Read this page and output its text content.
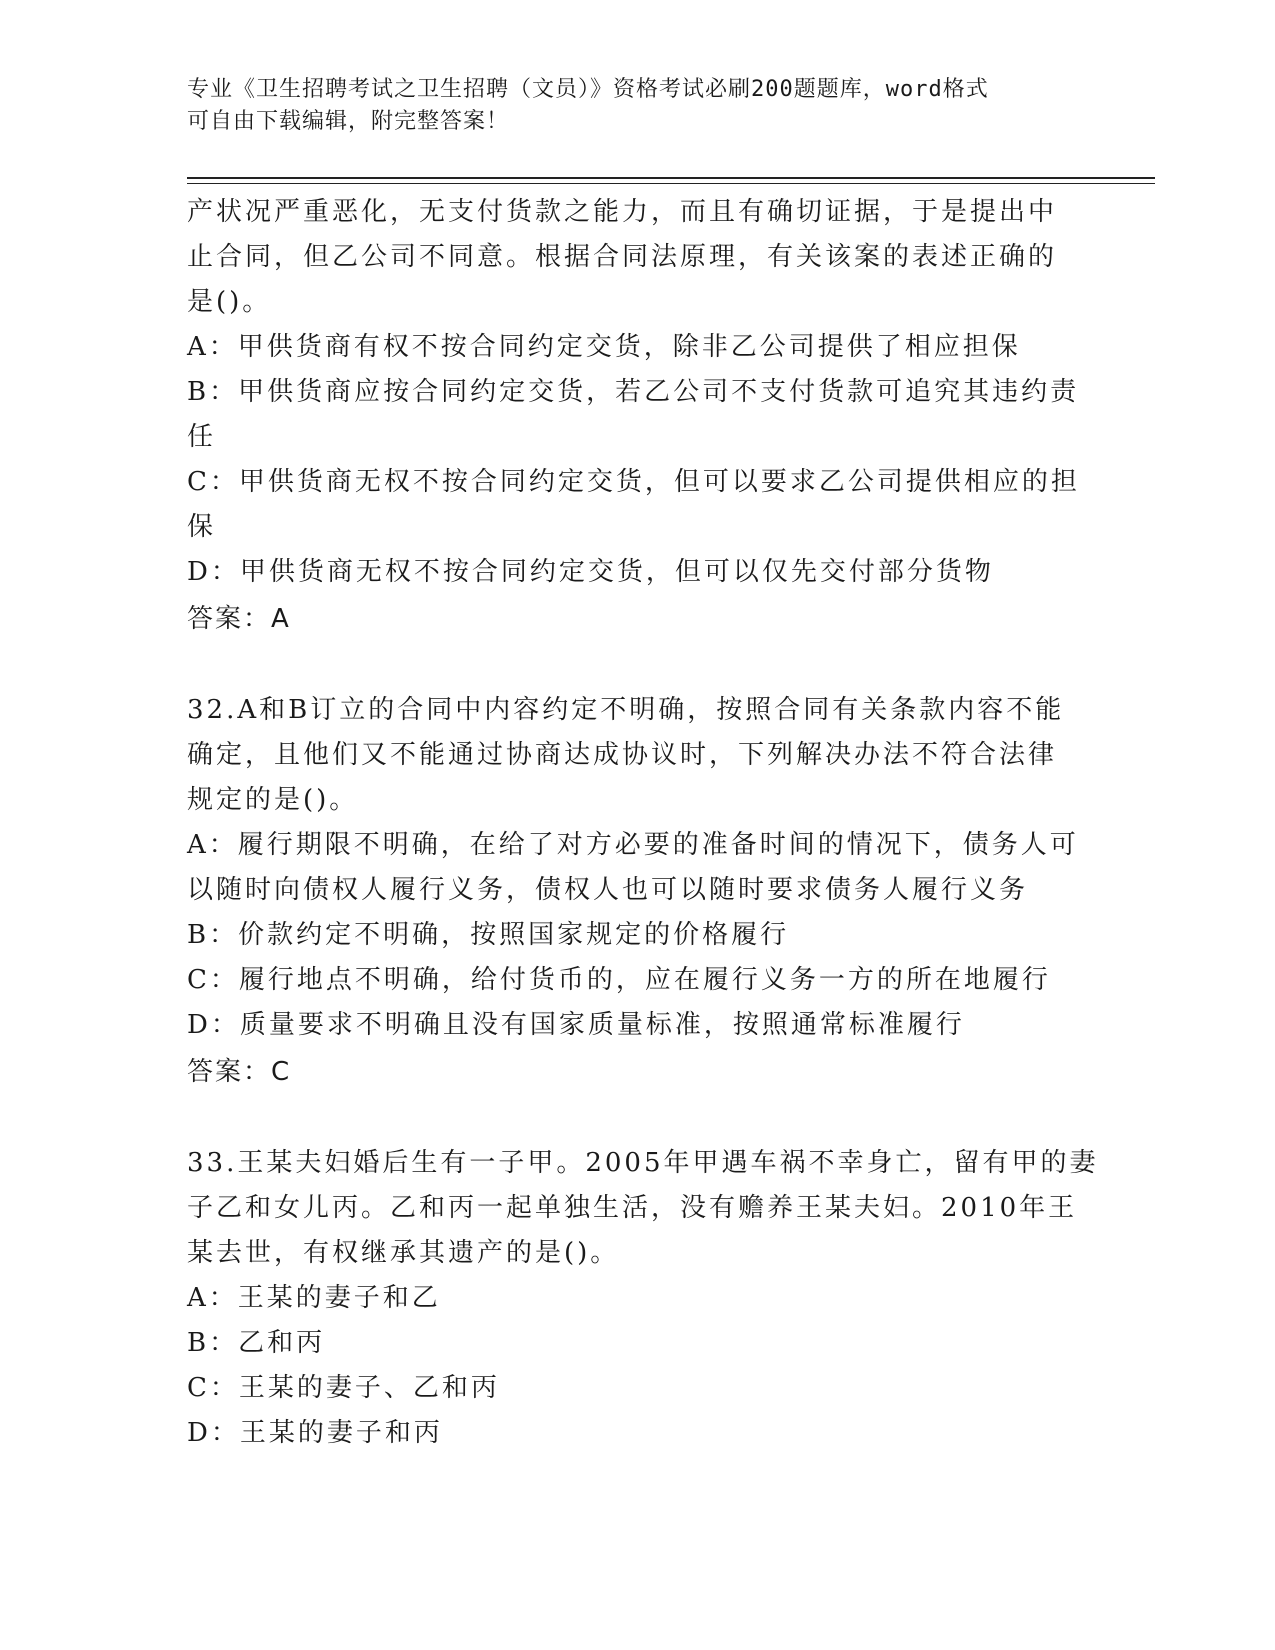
专业《卫生招聘考试之卫生招聘（文员）》资格考试必刷200题题库，word格式
可自由下载编辑，附完整答案！
产状况严重恶化，无支付货款之能力，而且有确切证据，于是提出中
止合同，但乙公司不同意。根据合同法原理，有关该案的表述正确的
是()。
A：甲供货商有权不按合同约定交货，除非乙公司提供了相应担保
B：甲供货商应按合同约定交货，若乙公司不支付货款可追究其违约责
任
C：甲供货商无权不按合同约定交货，但可以要求乙公司提供相应的担
保
D：甲供货商无权不按合同约定交货，但可以仅先交付部分货物
答案：A
32.A和B订立的合同中内容约定不明确，按照合同有关条款内容不能
确定，且他们又不能通过协商达成协议时，下列解决办法不符合法律
规定的是()。
A：履行期限不明确，在给了对方必要的准备时间的情况下，债务人可
以随时向债权人履行义务，债权人也可以随时要求债务人履行义务
B：价款约定不明确，按照国家规定的价格履行
C：履行地点不明确，给付货币的，应在履行义务一方的所在地履行
D：质量要求不明确且没有国家质量标准，按照通常标准履行
答案：C
33.王某夫妇婚后生有一子甲。2005年甲遇车祸不幸身亡，留有甲的妻
子乙和女儿丙。乙和丙一起单独生活，没有赡养王某夫妇。2010年王
某去世，有权继承其遗产的是()。
A：王某的妻子和乙
B：乙和丙
C：王某的妻子、乙和丙
D：王某的妻子和丙
